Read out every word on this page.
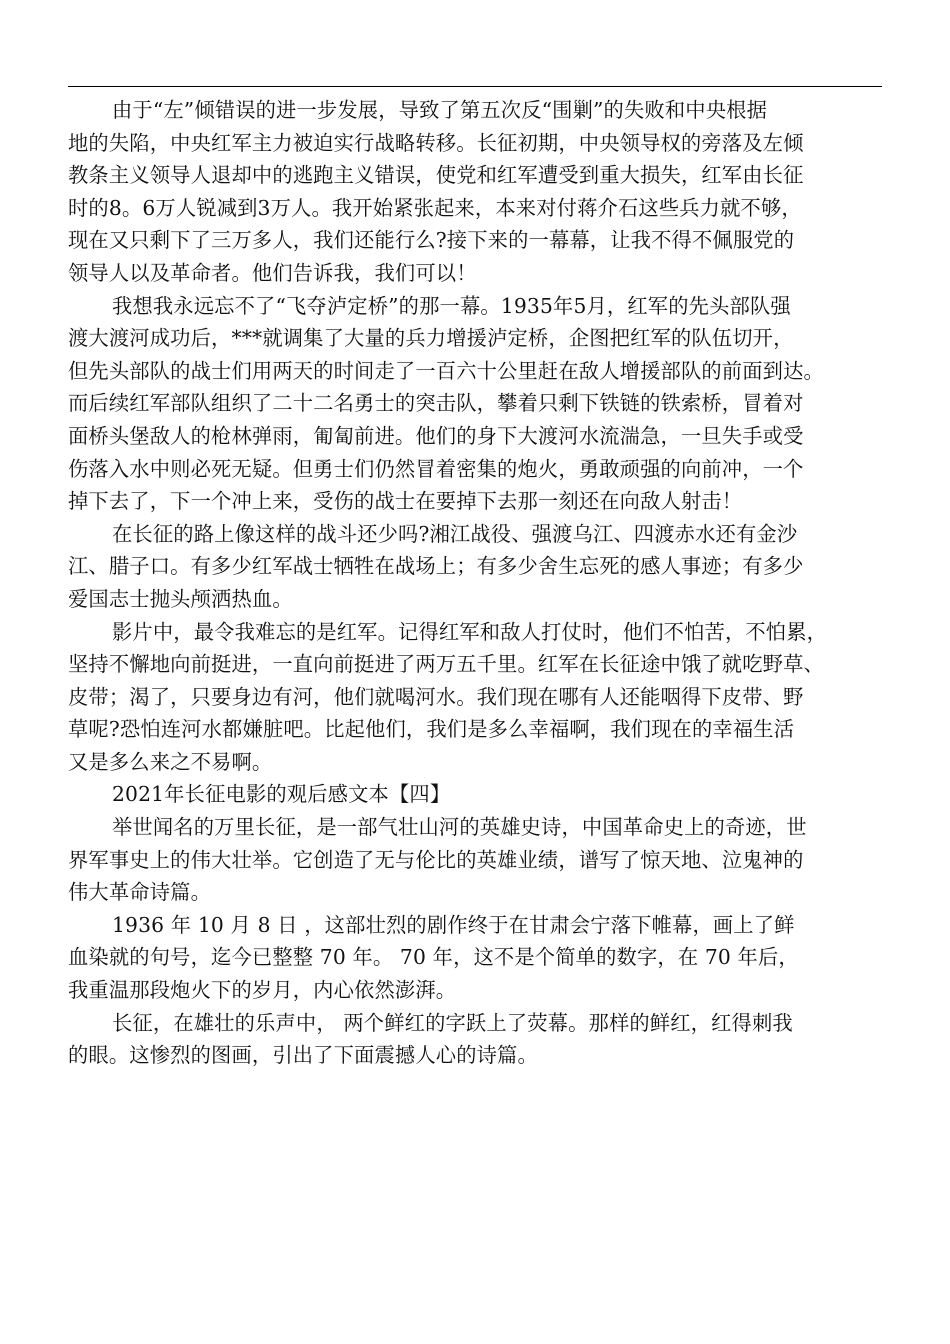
由于“左”倾错误的进一步发展，导致了第五次反“围剿”的失败和中央根据
地的失陷，中央红军主力被迫实行战略转移。长征初期，中央领导权的旁落及左倾
教条主义领导人退却中的逃跑主义错误，使党和红军遭受到重大损失，红军由长征
时的8。6万人锐减到3万人。我开始紧张起来，本来对付蒋介石这些兵力就不够，
现在又只剩下了三万多人，我们还能行么?接下来的一幕幕，让我不得不佩服党的
领导人以及革命者。他们告诉我，我们可以！
我想我永远忘不了“飞夺泸定桥”的那一幕。1935年5月，红军的先头部队强
渡大渡河成功后，***就调集了大量的兵力增援泸定桥，企图把红军的队伍切开，
但先头部队的战士们用两天的时间走了一百六十公里赶在敌人增援部队的前面到达。
而后续红军部队组织了二十二名勇士的突击队，攀着只剩下铁链的铁索桥，冒着对
面桥头堡敌人的枪林弹雨，匍匐前进。他们的身下大渡河水流湍急，一旦失手或受
伤落入水中则必死无疑。但勇士们仍然冒着密集的炮火，勇敢顽强的向前冲，一个
掉下去了，下一个冲上来，受伤的战士在要掉下去那一刻还在向敌人射击！
在长征的路上像这样的战斗还少吗?湘江战役、强渡乌江、四渡赤水还有金沙
江、腊子口。有多少红军战士牺牲在战场上；有多少舍生忘死的感人事迹；有多少
爱国志士抛头颅洒热血。
影片中，最令我难忘的是红军。记得红军和敌人打仗时，他们不怕苦，不怕累，
坚持不懈地向前挺进，一直向前挺进了两万五千里。红军在长征途中饿了就吃野草、
皮带；渴了，只要身边有河，他们就喝河水。我们现在哪有人还能咽得下皮带、野
草呢?恐怕连河水都嫌脏吧。比起他们，我们是多么幸福啊，我们现在的幸福生活
又是多么来之不易啊。
2021年长征电影的观后感文本【四】
举世闻名的万里长征，是一部气壮山河的英雄史诗，中国革命史上的奇迹，世
界军事史上的伟大壮举。它创造了无与伦比的英雄业绩，谱写了惊天地、泣鬼神的
伟大革命诗篇。
1936 年 10 月 8 日 ，这部壮烈的剧作终于在甘肃会宁落下帷幕，画上了鲜
血染就的句号，迄今已整整 70 年。 70 年，这不是个简单的数字，在 70 年后，
我重温那段炮火下的岁月，内心依然澎湃。
长征，在雄壮的乐声中， 两个鲜红的字跃上了荧幕。那样的鲜红，红得刺我
的眼。这惨烈的图画，引出了下面震撼人心的诗篇。
